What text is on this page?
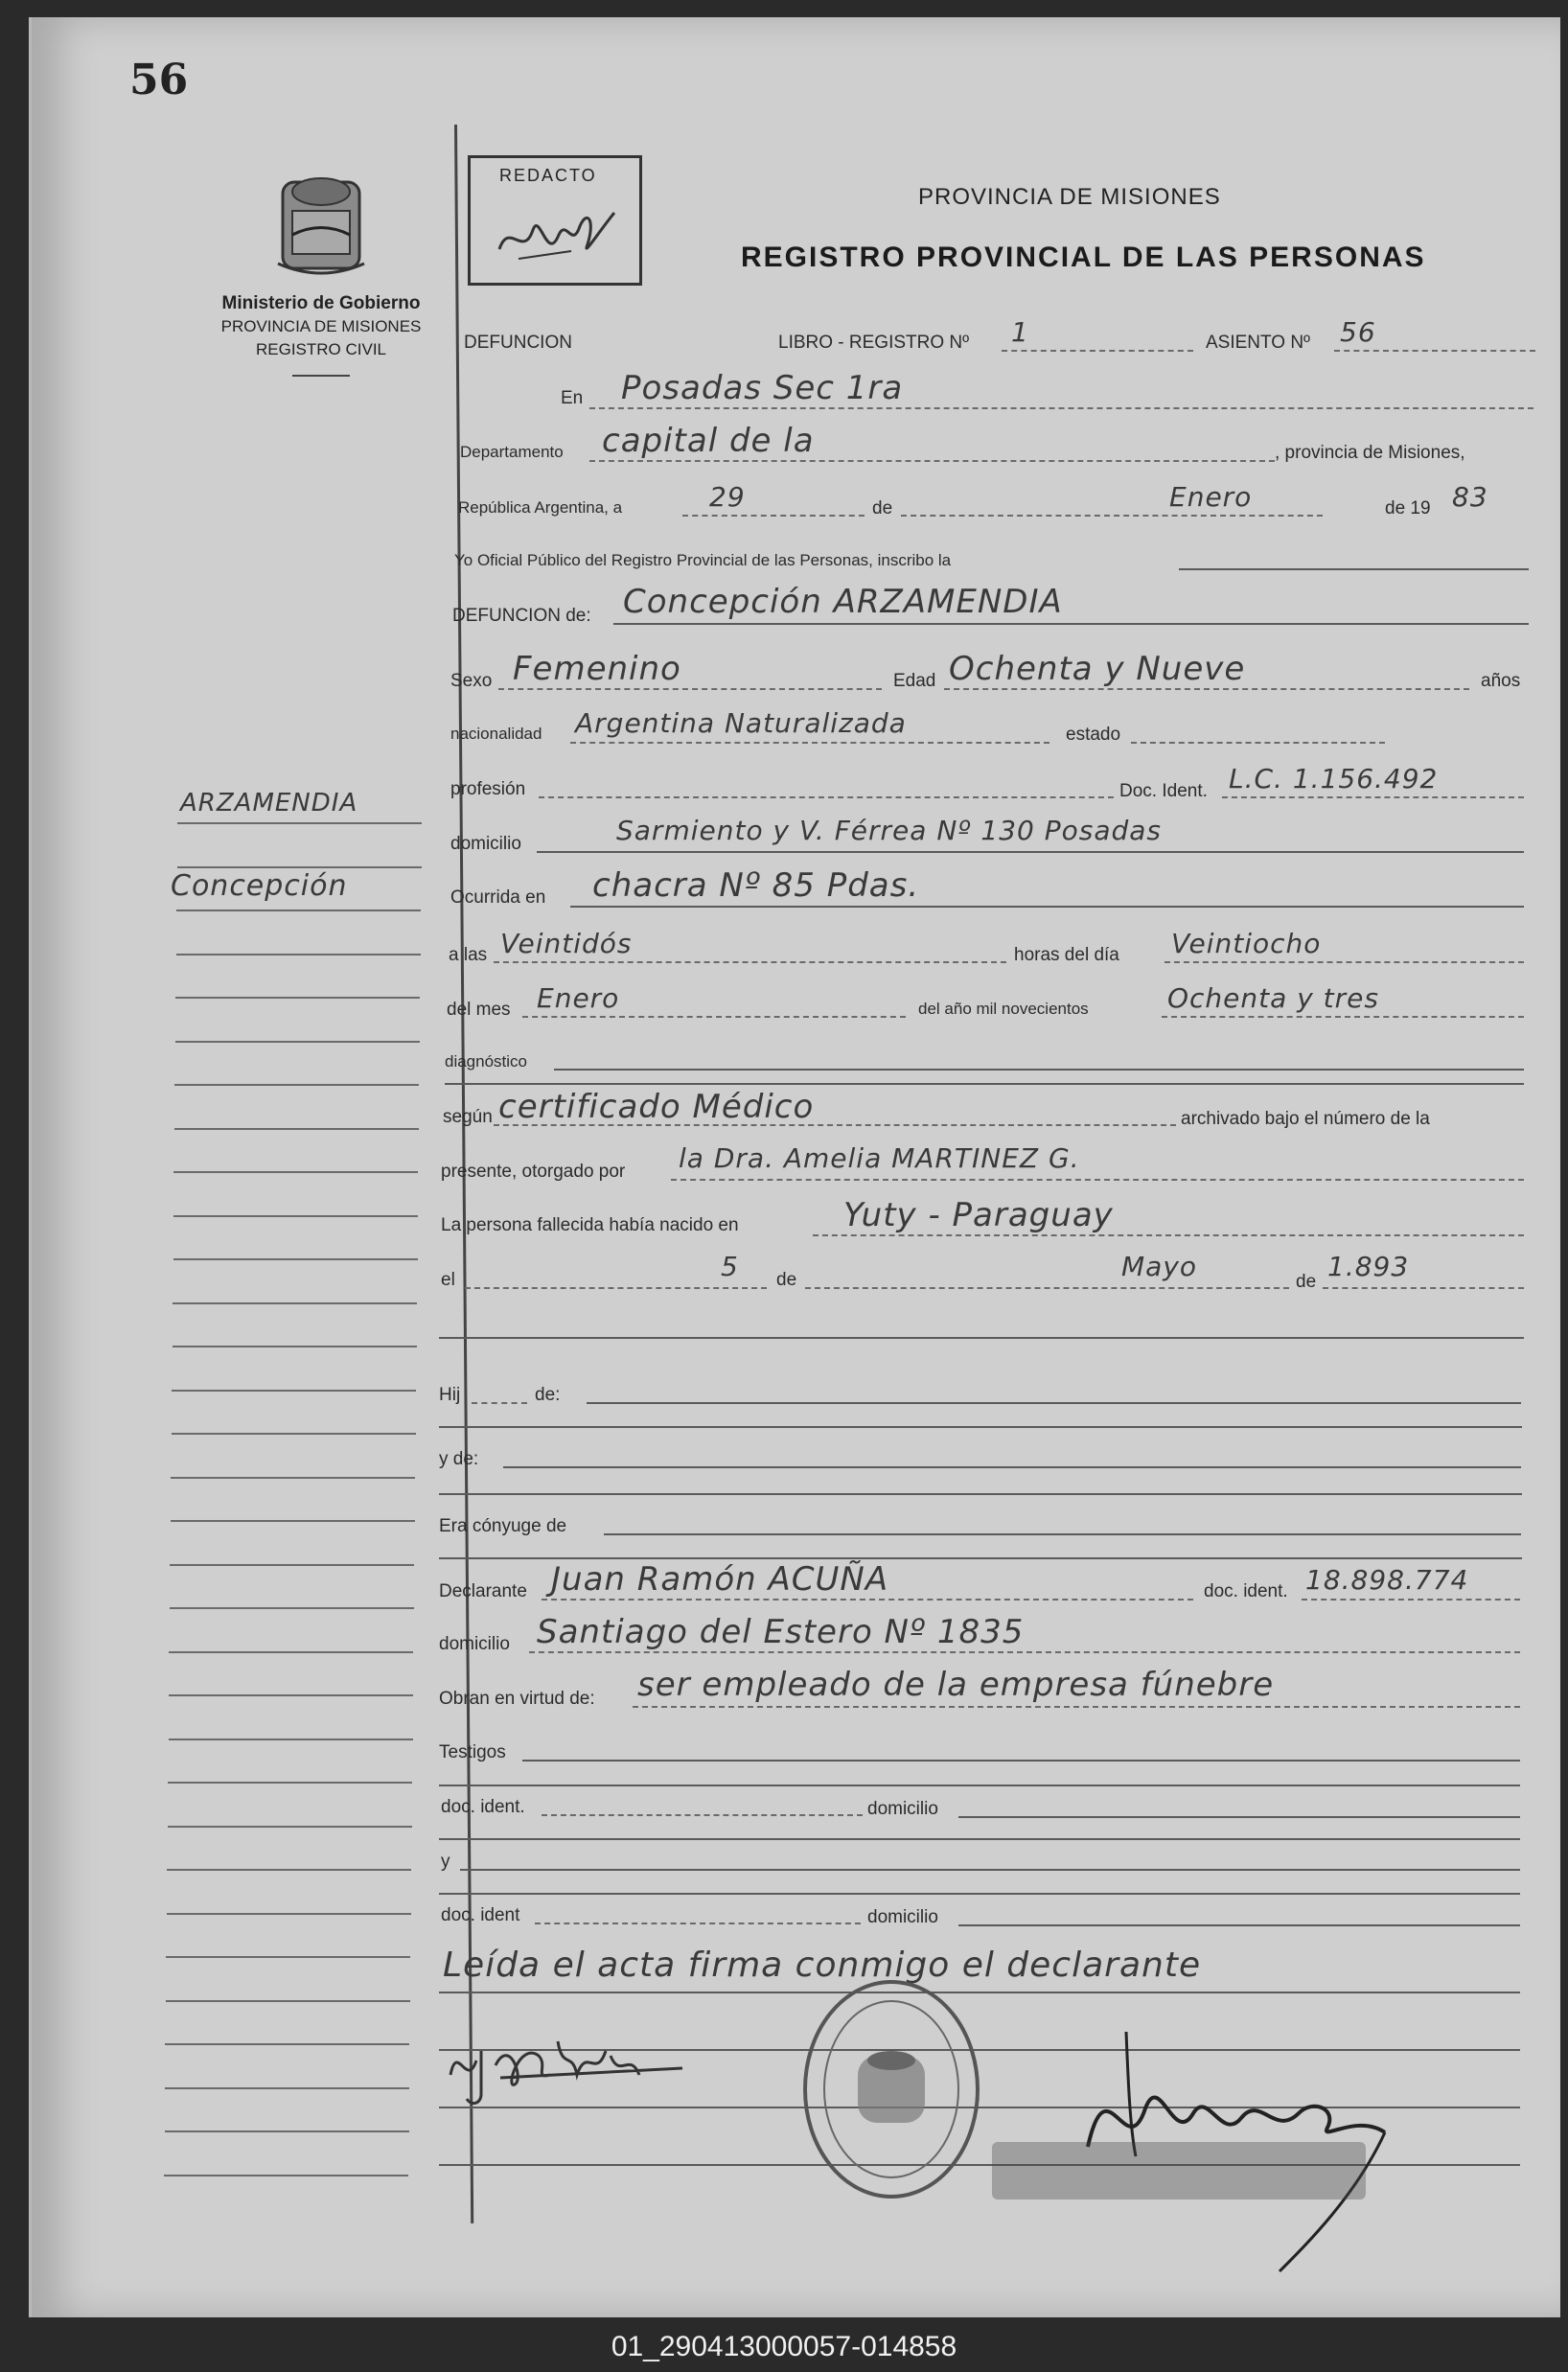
56
REDACTO
Ministerio de Gobierno
PROVINCIA DE MISIONES
REGISTRO CIVIL
PROVINCIA DE MISIONES
REGISTRO PROVINCIAL DE LAS PERSONAS
ARZAMENDIA
Concepción
DEFUNCION	LIBRO - REGISTRO Nº 1	ASIENTO Nº 56
En Posadas Sec 1ra
Departamento capital de la	, provincia de Misiones,
República Argentina, a	29	de	Enero	de 19 83
Yo Oficial Público del Registro Provincial de las Personas, inscribo la
DEFUNCION de: Concepción ARZAMENDIA
Sexo Femenino	Edad Ochenta y Nueve	años
nacionalidad Argentina Naturalizada	estado
profesión	Doc. Ident. L.C. 1.156.492
domicilio	Sarmiento y V. Férrea Nº 130 Posadas
Ocurrida en chacra Nº 85 Pdas.
a las Veintidós	horas del día Veintiocho
del mes Enero	del año mil novecientos	Ochenta y tres
diagnóstico
según certificado Médico	archivado bajo el número de la
presente, otorgado por la Dra. Amelia MARTINEZ G.
La persona fallecida había nacido en	Yuty - Paraguay
el	5 de	Mayo	de 1.893
Hij	de:
y de:
Era cónyuge de
Declarante Juan Ramón ACUÑA	doc. ident. 18.898.774
domicilio Santiago del Estero Nº 1835
Obran en virtud de: ser empleado de la empresa fúnebre
Testigos
doc. ident.	domicilio
y
doc. ident	domicilio
Leída el acta firma conmigo el declarante
01_290413000057-014858
